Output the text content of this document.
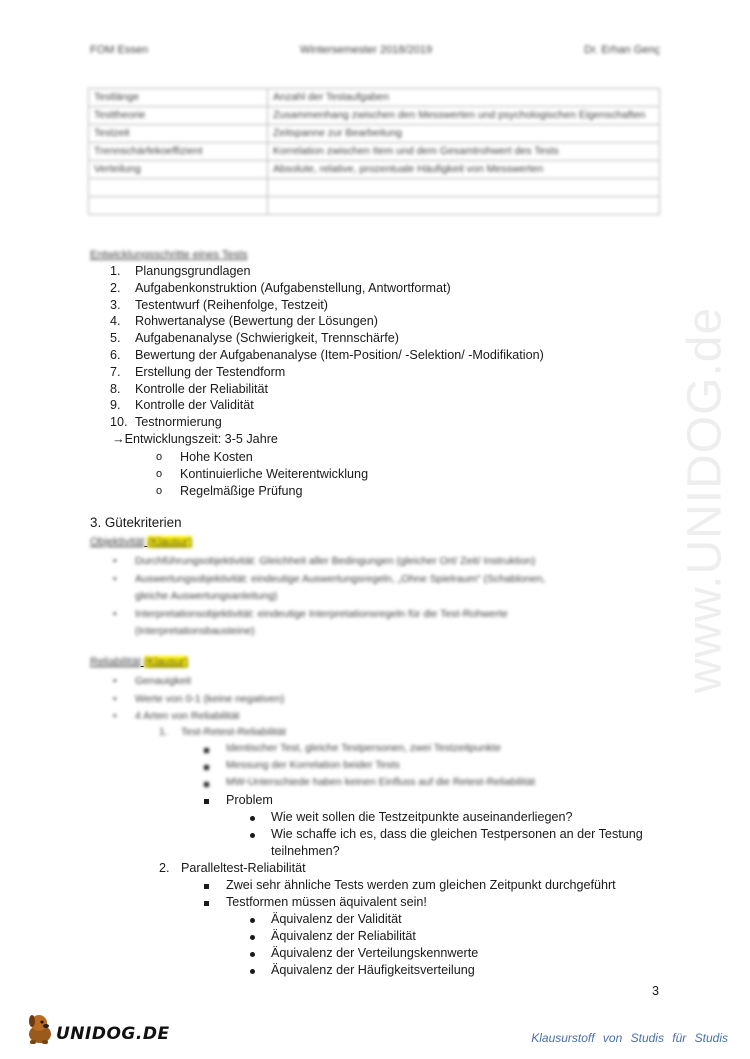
FOM Essen	Wintersemester 2018/2019	Dr. Erhan Genç
Testlänge	Anzahl der Testaufgaben
Testtheorie	Zusammenhang zwischen den Messwerten und psychologischen Eigenschaften
Testzeit	Zeitspanne zur Bearbeitung
Trennschärfekoeffizient	Korrelation zwischen Item und dem Gesamtrohwert des Tests
Verteilung	Absolute, relative, prozentuale Häufigkeit von Messwerten

Entwicklungsschritte eines Tests
1.	Planungsgrundlagen
2.	Aufgabenkonstruktion (Aufgabenstellung, Antwortformat)
3.	Testentwurf (Reihenfolge, Testzeit)
4.	Rohwertanalyse (Bewertung der Lösungen)
5.	Aufgabenanalyse (Schwierigkeit, Trennschärfe)
6.	Bewertung der Aufgabenanalyse (Item-Position/ -Selektion/ -Modifikation)
7.	Erstellung der Testendform
8.	Kontrolle der Reliabilität
9.	Kontrolle der Validität
10. Testnormierung
→Entwicklungszeit: 3-5 Jahre
o Hohe Kosten
o Kontinuierliche Weiterentwicklung
o Regelmäßige Prüfung
3. Gütekriterien
Objektivität (Klausur)
• Durchführungsobjektivität: Gleichheit aller Bedingungen (gleicher Ort/ Zeit/ Instruktion)
• Auswertungsobjektivität: eindeutige Auswertungsregeln, „Ohne Spielraum“ (Schablonen,
gleiche Auswertungsanleitung)
• Interpretationsobjektivität: eindeutige Interpretationsregeln für die Test-Rohwerte
(Interpretationsbausteine)
Reliabilität (Klausur)
• Genauigkeit
• Werte von 0-1 (keine negativen)
• 4 Arten von Reliabilität
1. Test-Retest-Reliabilität
Identischer Test, gleiche Testpersonen, zwei Testzeitpunkte
Messung der Korrelation beider Tests
MW-Unterschiede haben keinen Einfluss auf die Retest-Reliabilität
Problem
Wie weit sollen die Testzeitpunkte auseinanderliegen?
Wie schaffe ich es, dass die gleichen Testpersonen an der Testung
teilnehmen?
2. Paralleltest-Reliabilität
Zwei sehr ähnliche Tests werden zum gleichen Zeitpunkt durchgeführt
Testformen müssen äquivalent sein!
Äquivalenz der Validität
Äquivalenz der Reliabilität
Äquivalenz der Verteilungskennwerte
Äquivalenz der Häufigkeitsverteilung
www.UNIDOG.de
3
UNIDOG.DE	Klausurstoff von Studis für Studis
